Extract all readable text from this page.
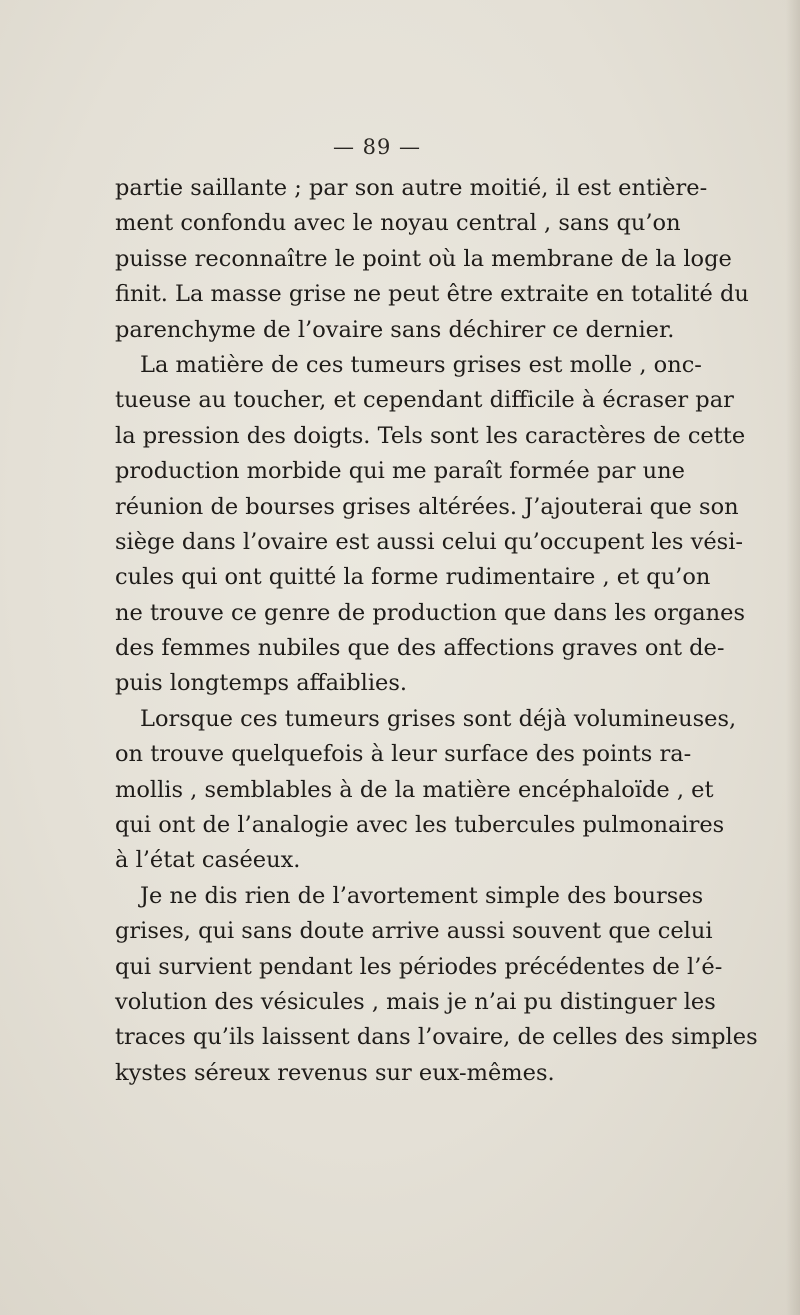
— 89 —
partie saillante ; par son autre moitié, il est entière-
ment confondu avec le noyau central , sans qu’on
puisse reconnaître le point où la membrane de la loge
finit. La masse grise ne peut être extraite en totalité du
parenchyme de l’ovaire sans déchirer ce dernier.
La matière de ces tumeurs grises est molle , onc-
tueuse au toucher, et cependant difficile à écraser par
la pression des doigts. Tels sont les caractères de cette
production morbide qui me paraît formée par une
réunion de bourses grises altérées. J’ajouterai que son
siège dans l’ovaire est aussi celui qu’occupent les vési-
cules qui ont quitté la forme rudimentaire , et qu’on
ne trouve ce genre de production que dans les organes
des femmes nubiles que des affections graves ont de-
puis longtemps affaiblies.
Lorsque ces tumeurs grises sont déjà volumineuses,
on trouve quelquefois à leur surface des points ra-
mollis , semblables à de la matière encéphaloïde , et
qui ont de l’analogie avec les tubercules pulmonaires
à l’état caséeux.
Je ne dis rien de l’avortement simple des bourses
grises, qui sans doute arrive aussi souvent que celui
qui survient pendant les périodes précédentes de l’é-
volution des vésicules , mais je n’ai pu distinguer les
traces qu’ils laissent dans l’ovaire, de celles des simples
kystes séreux revenus sur eux-mêmes.
